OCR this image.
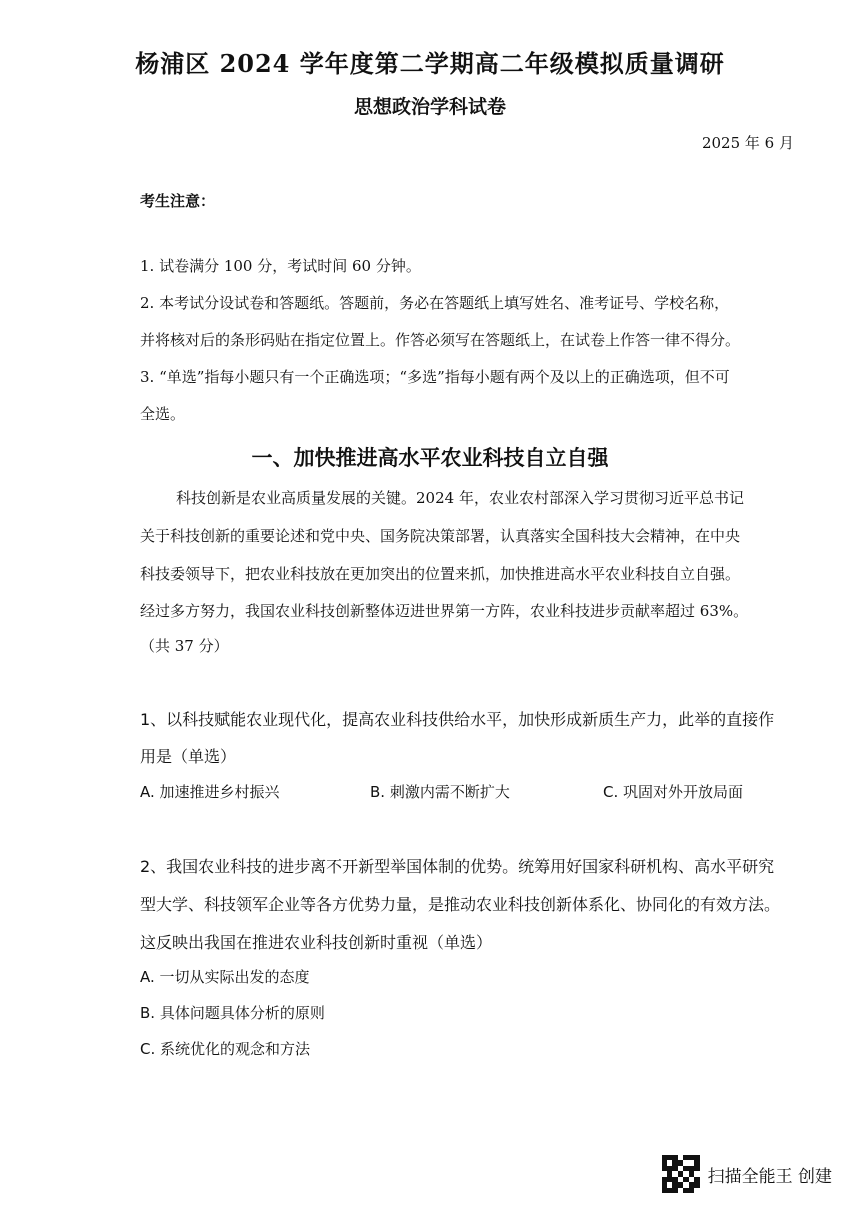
杨浦区 2024 学年度第二学期高二年级模拟质量调研
思想政治学科试卷
2025 年 6 月
考生注意：
1. 试卷满分 100 分，考试时间 60 分钟。
2. 本考试分设试卷和答题纸。答题前，务必在答题纸上填写姓名、准考证号、学校名称，
并将核对后的条形码贴在指定位置上。作答必须写在答题纸上，在试卷上作答一律不得分。
3. “单选”指每小题只有一个正确选项；“多选”指每小题有两个及以上的正确选项，但不可
全选。
一、加快推进高水平农业科技自立自强
科技创新是农业高质量发展的关键。2024 年，农业农村部深入学习贯彻习近平总书记
关于科技创新的重要论述和党中央、国务院决策部署，认真落实全国科技大会精神，在中央
科技委领导下，把农业科技放在更加突出的位置来抓，加快推进高水平农业科技自立自强。
经过多方努力，我国农业科技创新整体迈进世界第一方阵，农业科技进步贡献率超过 63%。
（共 37 分）
1、以科技赋能农业现代化，提高农业科技供给水平，加快形成新质生产力，此举的直接作
用是（单选）
A. 加速推进乡村振兴	B. 刺激内需不断扩大	C. 巩固对外开放局面
2、我国农业科技的进步离不开新型举国体制的优势。统筹用好国家科研机构、高水平研究
型大学、科技领军企业等各方优势力量，是推动农业科技创新体系化、协同化的有效方法。
这反映出我国在推进农业科技创新时重视（单选）
A. 一切从实际出发的态度
B. 具体问题具体分析的原则
C. 系统优化的观念和方法
扫描全能王 创建
